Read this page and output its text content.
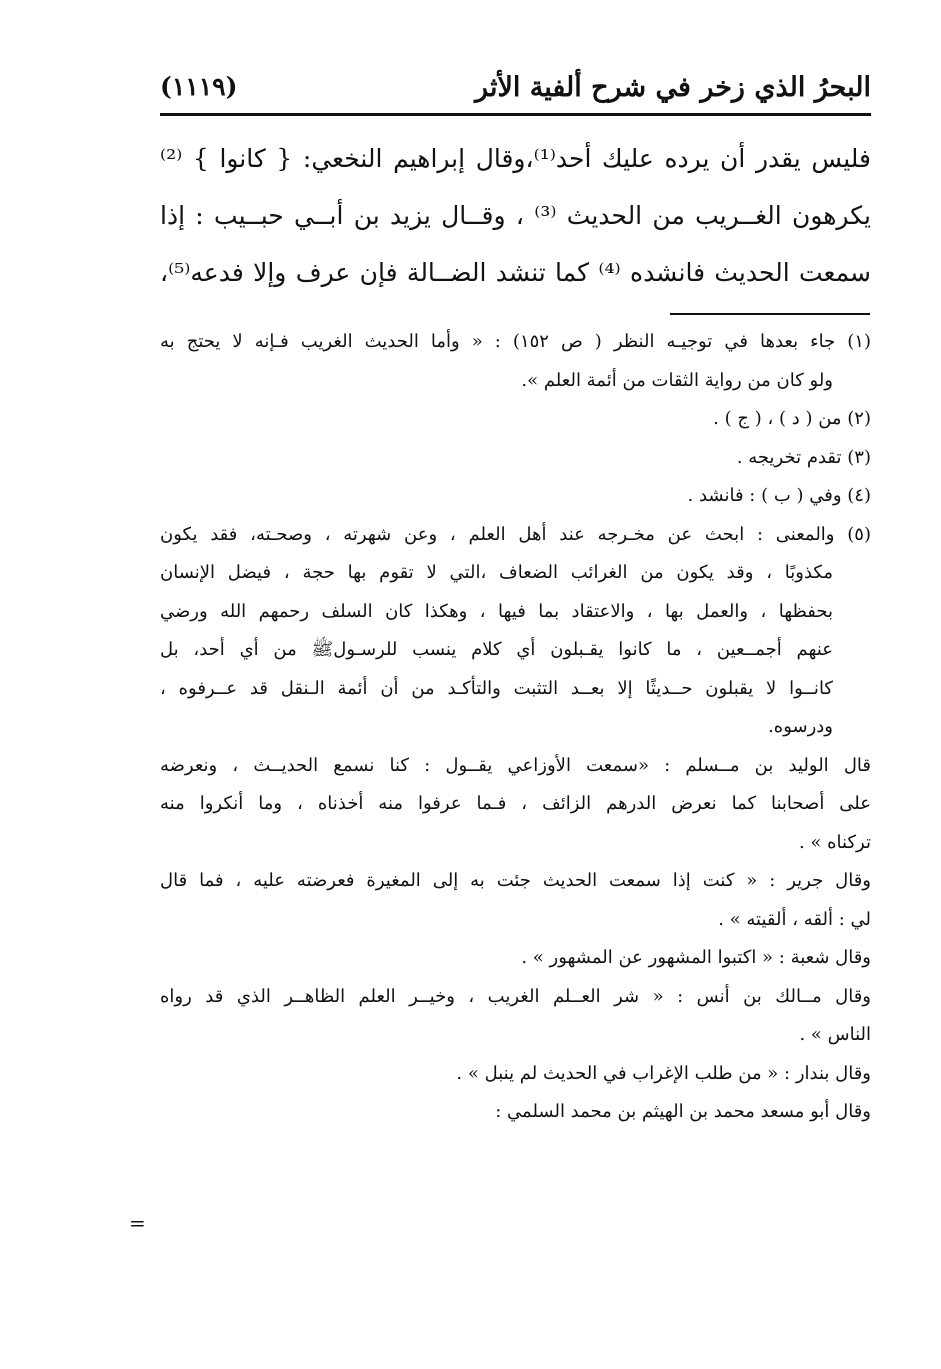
البحرُ الذي زخر في شرح ألفية الأثر
(١١١٩)
فليس يقدر أن يرده عليك أحد⁽¹⁾،وقال إبراهيم النخعي: { كانوا } ⁽²⁾
يكرهون الغــريب من الحديث ⁽³⁾ ، وقــال يزيد بن أبــي حبــيب : إذا
سمعت الحديث فانشده ⁽⁴⁾ كما تنشد الضــالة فإن عرف وإلا فدعه⁽⁵⁾،
(١) جاء بعدها في توجيـه النظر ( ص ١٥٢) : « وأما الحديث الغريب فـإنه لا يحتج به
ولو كان من رواية الثقات من أئمة العلم ».
(٢) من ( د ) ، ( ج ) .
(٣) تقدم تخريجه .
(٤) وفي ( ب ) : فانشد .
(٥) والمعنى : ابحث عن مخـرجه عند أهل العلم ، وعن شهرته ، وصحـته، فقد يكون
مكذوبًا ، وقد يكون من الغرائب الضعاف ،التي لا تقوم بها حجة ، فيضل الإنسان
بحفظها ، والعمل بها ، والاعتقاد بما فيها ، وهكذا كان السلف رحمهم الله ورضي
عنهم أجمــعين ، ما كانوا يقـبلون أي كلام ينسب للرسـولﷺ من أي أحد، بل
كانــوا لا يقبلون حــديثًا إلا بعــد التثبت والتأكـد من أن أئمة الـنقل قد عــرفوه ،
ودرسوه.
قال الوليد بن مــسلم : «سمعت الأوزاعي يقــول : كنا نسمع الحديــث ، ونعرضه
على أصحابنا كما نعرض الدرهم الزائف ، فـما عرفوا منه أخذناه ، وما أنكروا منه
تركناه » .
وقال جرير : « كنت إذا سمعت الحديث جئت به إلى المغيرة فعرضته عليه ، فما قال
لي : ألقه ، ألقيته » .
وقال شعبة : « اكتبوا المشهور عن المشهور » .
وقال مــالك بن أنس : « شر العــلم الغريب ، وخيــر العلم الظاهــر الذي قد رواه
الناس » .
وقال بندار : « من طلب الإغراب في الحديث لم ينبل » .
وقال أبو مسعد محمد بن الهيثم بن محمد السلمي :
=
